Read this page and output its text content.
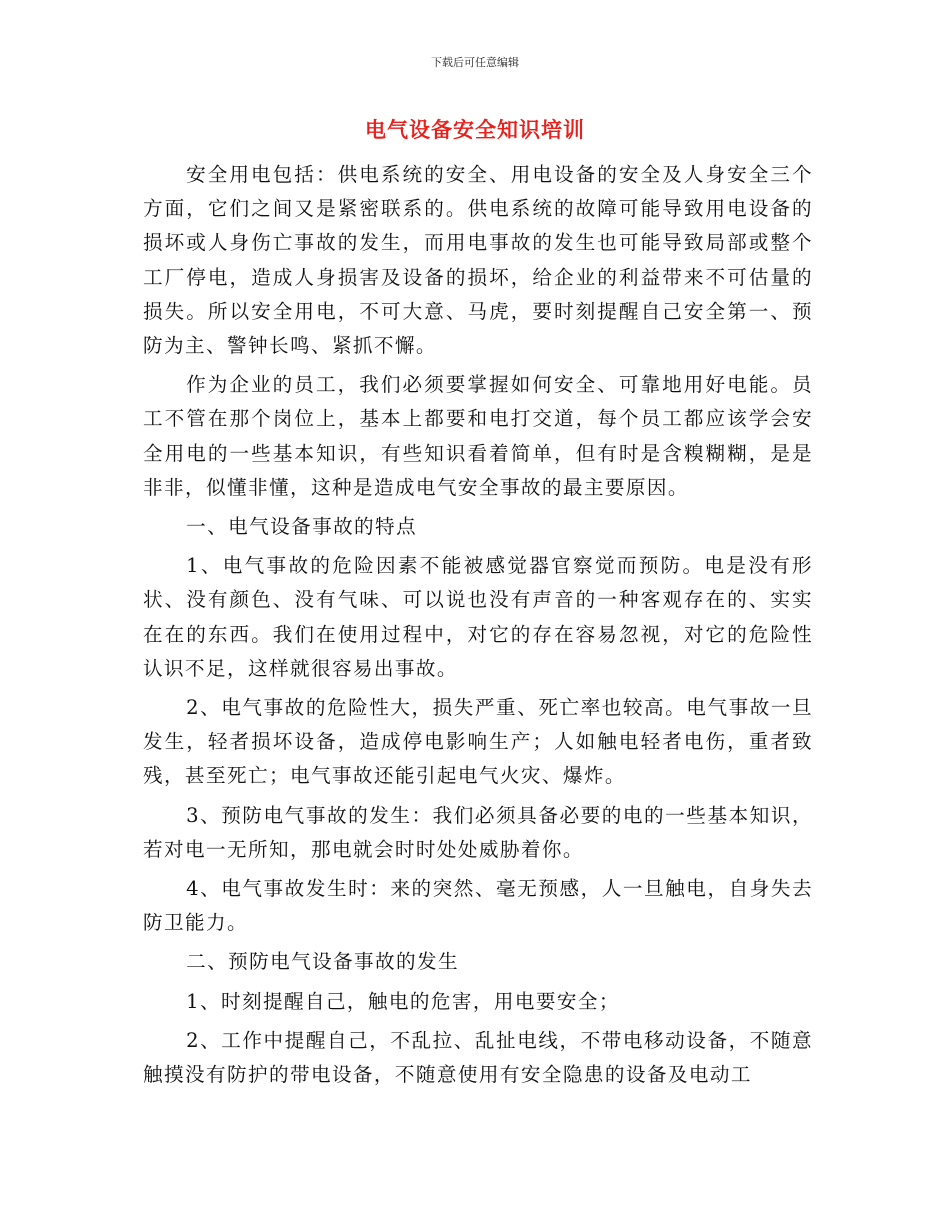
下载后可任意编辑
电气设备安全知识培训

安全用电包括：供电系统的安全、用电设备的安全及人身安全三个方面，它们之间又是紧密联系的。供电系统的故障可能导致用电设备的损坏或人身伤亡事故的发生，而用电事故的发生也可能导致局部或整个工厂停电，造成人身损害及设备的损坏，给企业的利益带来不可估量的损失。所以安全用电，不可大意、马虎，要时刻提醒自己安全第一、预防为主、警钟长鸣、紧抓不懈。

作为企业的员工，我们必须要掌握如何安全、可靠地用好电能。员工不管在那个岗位上，基本上都要和电打交道，每个员工都应该学会安全用电的一些基本知识，有些知识看着简单，但有时是含糗糊糊，是是非非，似懂非懂，这种是造成电气安全事故的最主要原因。

一、电气设备事故的特点

1、电气事故的危险因素不能被感觉器官察觉而预防。电是没有形状、没有颜色、没有气味、可以说也没有声音的一种客观存在的、实实在在的东西。我们在使用过程中，对它的存在容易忽视，对它的危险性认识不足，这样就很容易出事故。

2、电气事故的危险性大，损失严重、死亡率也较高。电气事故一旦发生，轻者损坏设备，造成停电影响生产；人如触电轻者电伤，重者致残，甚至死亡；电气事故还能引起电气火灾、爆炸。

3、预防电气事故的发生：我们必须具备必要的电的一些基本知识，若对电一无所知，那电就会时时处处威胁着你。

4、电气事故发生时：来的突然、毫无预感，人一旦触电，自身失去防卫能力。

二、预防电气设备事故的发生

1、时刻提醒自己，触电的危害，用电要安全；

2、工作中提醒自己，不乱拉、乱扯电线，不带电移动设备，不随意触摸没有防护的带电设备，不随意使用有安全隐患的设备及电动工
